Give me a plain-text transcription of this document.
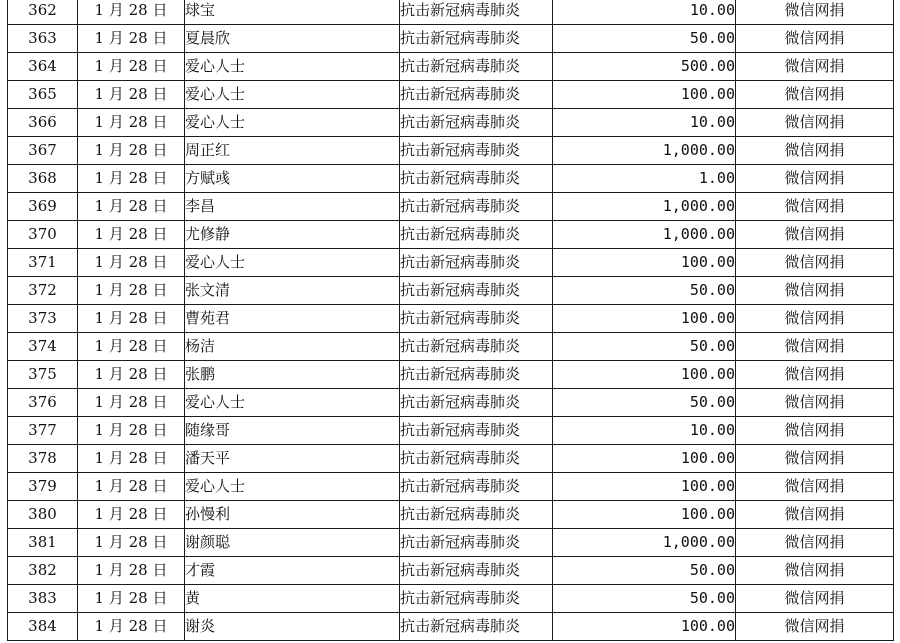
362	1 月 28 日	球宝	抗击新冠病毒肺炎	10.00	微信网捐
363	1 月 28 日	夏晨欣	抗击新冠病毒肺炎	50.00	微信网捐
364	1 月 28 日	爱心人士	抗击新冠病毒肺炎	500.00	微信网捐
365	1 月 28 日	爱心人士	抗击新冠病毒肺炎	100.00	微信网捐
366	1 月 28 日	爱心人士	抗击新冠病毒肺炎	10.00	微信网捐
367	1 月 28 日	周正红	抗击新冠病毒肺炎	1,000.00	微信网捐
368	1 月 28 日	方赋彧	抗击新冠病毒肺炎	1.00	微信网捐
369	1 月 28 日	李昌	抗击新冠病毒肺炎	1,000.00	微信网捐
370	1 月 28 日	尤修静	抗击新冠病毒肺炎	1,000.00	微信网捐
371	1 月 28 日	爱心人士	抗击新冠病毒肺炎	100.00	微信网捐
372	1 月 28 日	张文清	抗击新冠病毒肺炎	50.00	微信网捐
373	1 月 28 日	曹苑君	抗击新冠病毒肺炎	100.00	微信网捐
374	1 月 28 日	杨洁	抗击新冠病毒肺炎	50.00	微信网捐
375	1 月 28 日	张鹏	抗击新冠病毒肺炎	100.00	微信网捐
376	1 月 28 日	爱心人士	抗击新冠病毒肺炎	50.00	微信网捐
377	1 月 28 日	随缘哥	抗击新冠病毒肺炎	10.00	微信网捐
378	1 月 28 日	潘天平	抗击新冠病毒肺炎	100.00	微信网捐
379	1 月 28 日	爱心人士	抗击新冠病毒肺炎	100.00	微信网捐
380	1 月 28 日	孙慢利	抗击新冠病毒肺炎	100.00	微信网捐
381	1 月 28 日	谢颜聪	抗击新冠病毒肺炎	1,000.00	微信网捐
382	1 月 28 日	才霞	抗击新冠病毒肺炎	50.00	微信网捐
383	1 月 28 日	黄	抗击新冠病毒肺炎	50.00	微信网捐
384	1 月 28 日	谢炎	抗击新冠病毒肺炎	100.00	微信网捐
